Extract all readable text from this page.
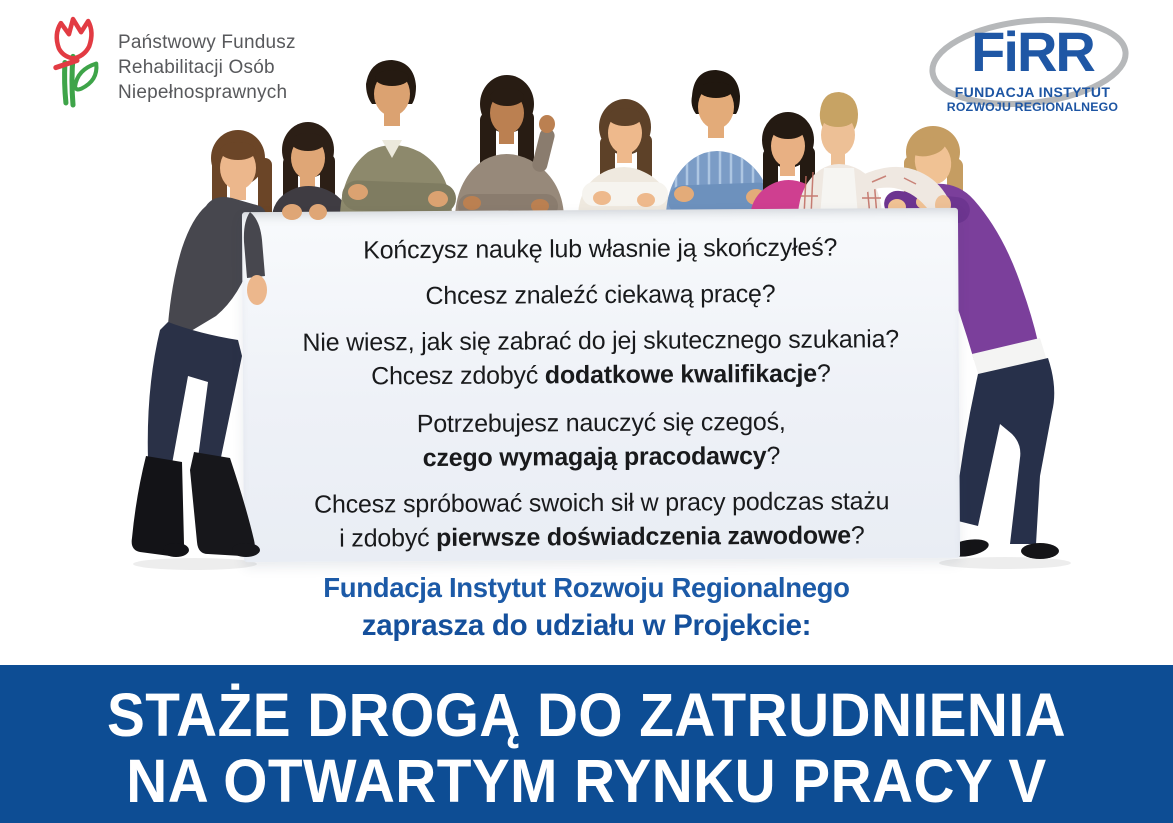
Państwowy Fundusz
Rehabilitacji Osób
Niepełnosprawnych
FiRR
FUNDACJA INSTYTUT
ROZWOJU REGIONALNEGO

Kończysz naukę lub własnie ją skończyłeś?

Chcesz znaleźć ciekawą pracę?

Nie wiesz, jak się zabrać do jej skutecznego szukania?

Chcesz zdobyć dodatkowe kwalifikacje?

Potrzebujesz nauczyć się czegoś,

czego wymagają pracodawcy?

Chcesz spróbować swoich sił w pracy podczas stażu

i zdobyć pierwsze doświadczenia zawodowe?

Fundacja Instytut Rozwoju Regionalnego
zaprasza do udziału w Projekcie:
STAŻE DROGĄ DO ZATRUDNIENIA
NA OTWARTYM RYNKU PRACY V
